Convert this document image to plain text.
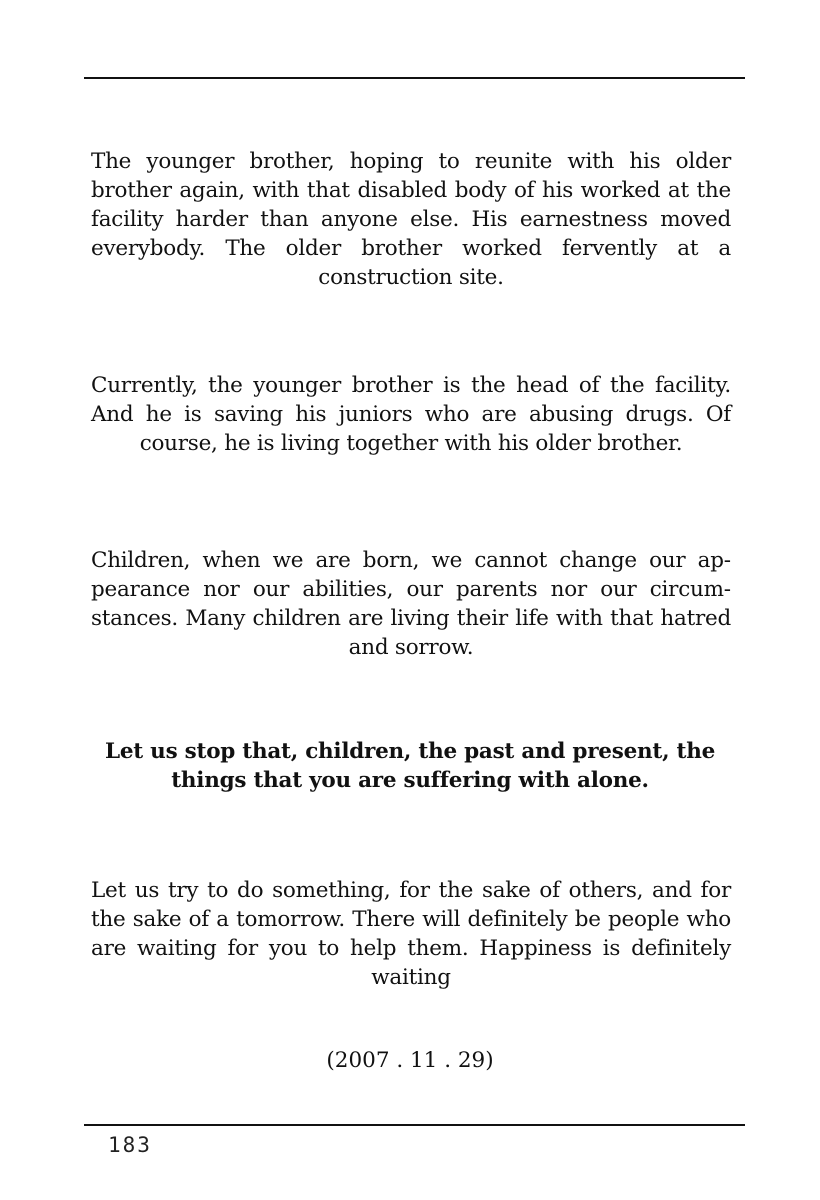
The younger brother, hoping to reunite with his older brother again, with that disabled body of his worked at the facility harder than anyone else. His earnestness moved everybody. The older brother worked fervently at a construction site.

Currently, the younger brother is the head of the facility. And he is saving his juniors who are abusing drugs. Of course, he is living together with his older brother.

Children, when we are born, we cannot change our appearance nor our abilities, our parents nor our circumstances. Many children are living their life with that hatred and sorrow.

Let us stop that, children, the past and present, the things that you are suffering with alone.

Let us try to do something, for the sake of others, and for the sake of a tomorrow. There will definitely be people who are waiting for you to help them. Happiness is definitely waiting

(2007 . 11 . 29)

183
